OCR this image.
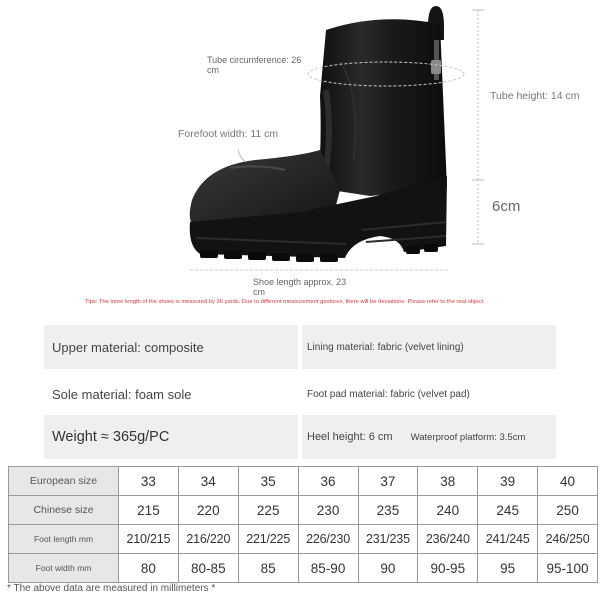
Tube circumference: 26 cm
Tube height: 14 cm
Forefoot width: 11 cm
6cm
Shoe length approx. 23 cm
Tips: The inner length of the shoes is measured by 36 yards. Due to different measurement gestures, there will be deviations. Please refer to the real object.
Upper material: composite	Lining material: fabric (velvet lining)
Sole material: foam sole	Foot pad material: fabric (velvet pad)
Weight ≈ 365g/PC	Heel height: 6 cm Waterproof platform: 3.5cm
European size	33	34	35	36	37	38	39	40
Chinese size	215	220	225	230	235	240	245	250
Foot length mm	210/215	216/220	221/225	226/230	231/235	236/240	241/245	246/250
Foot width mm	80	80-85	85	85-90	90	90-95	95	95-100
* The above data are measured in millimeters *
